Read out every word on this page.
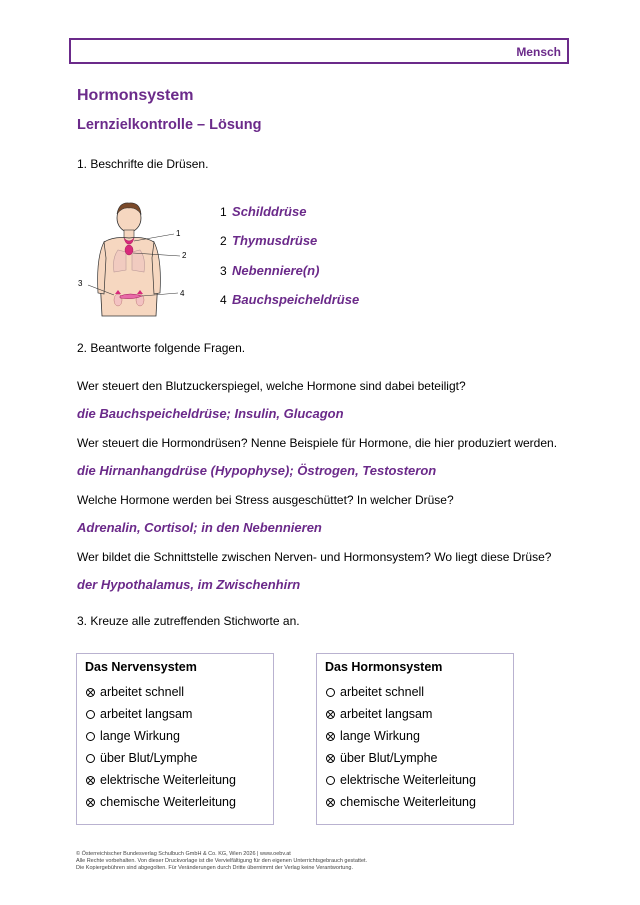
Mensch
Hormonsystem
Lernzielkontrolle – Lösung
1. Beschrifte die Drüsen.
1
2
3
4
1 Schilddrüse
2 Thymusdrüse
3 Nebenniere(n)
4 Bauchspeicheldrüse
2. Beantworte folgende Fragen.
Wer steuert den Blutzuckerspiegel, welche Hormone sind dabei beteiligt?
die Bauchspeicheldrüse; Insulin, Glucagon
Wer steuert die Hormondrüsen? Nenne Beispiele für Hormone, die hier produziert werden.
die Hirnanhangdrüse (Hypophyse); Östrogen, Testosteron
Welche Hormone werden bei Stress ausgeschüttet? In welcher Drüse?
Adrenalin, Cortisol; in den Nebennieren
Wer bildet die Schnittstelle zwischen Nerven- und Hormonsystem? Wo liegt diese Drüse?
der Hypothalamus, im Zwischenhirn
3. Kreuze alle zutreffenden Stichworte an.
Das Nervensystem
arbeitet schnell
arbeitet langsam
lange Wirkung
über Blut/Lymphe
elektrische Weiterleitung
chemische Weiterleitung
Das Hormonsystem
arbeitet schnell
arbeitet langsam
lange Wirkung
über Blut/Lymphe
elektrische Weiterleitung
chemische Weiterleitung
© Österreichischer Bundesverlag Schulbuch GmbH & Co. KG, Wien 2026 | www.oebv.at
Alle Rechte vorbehalten. Von dieser Druckvorlage ist die Vervielfältigung für den eigenen Unterrichtsgebrauch gestattet.
Die Kopiergebühren sind abgegolten. Für Veränderungen durch Dritte übernimmt der Verlag keine Verantwortung.
